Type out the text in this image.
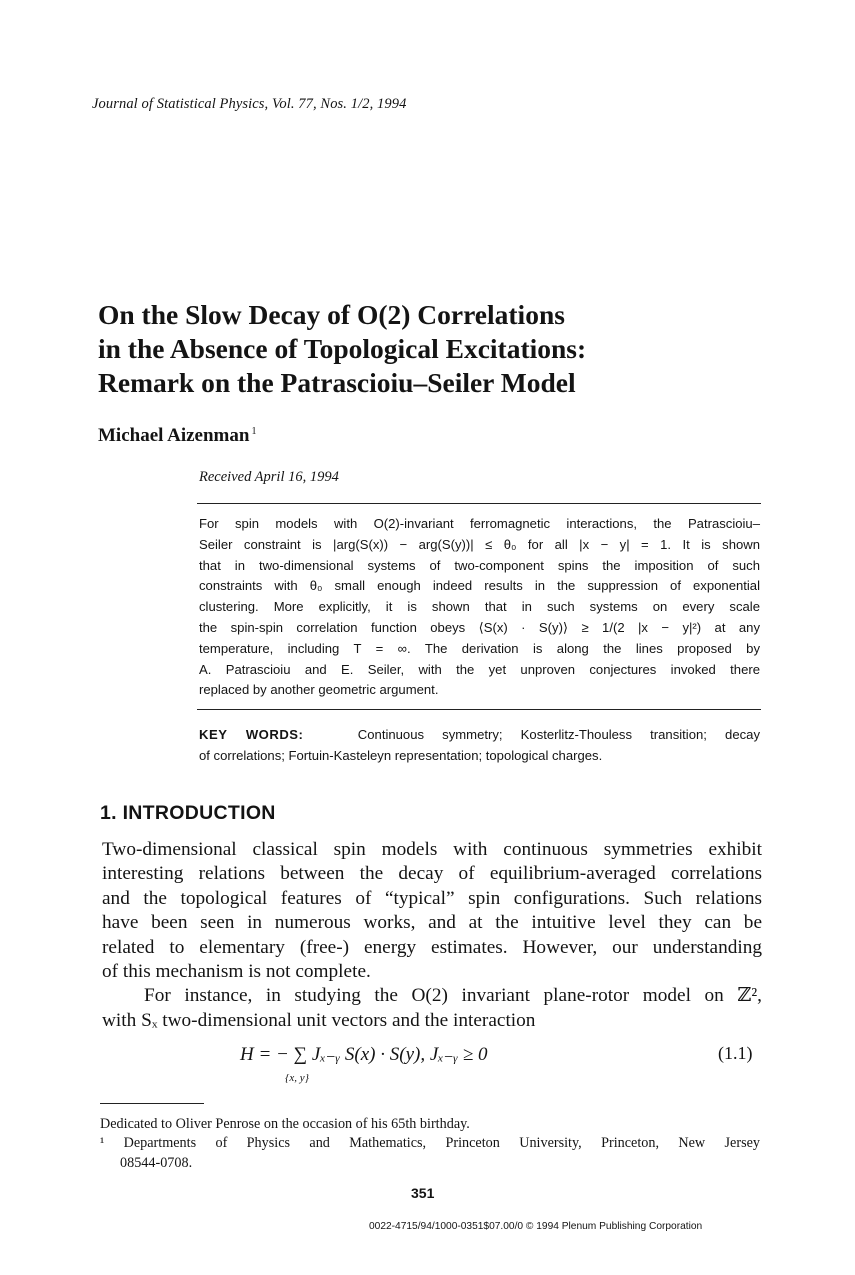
Journal of Statistical Physics, Vol. 77, Nos. 1/2, 1994
On the Slow Decay of O(2) Correlations
in the Absence of Topological Excitations:
Remark on the Patrascioiu–Seiler Model
Michael Aizenman $^1$
Received April 16, 1994
For spin models with O(2)-invariant ferromagnetic interactions, the Patrascioiu–
Seiler constraint is |arg(S(x)) − arg(S(y))| ≤ θ₀ for all |x − y| = 1. It is shown
that in two-dimensional systems of two-component spins the imposition of such
constraints with θ₀ small enough indeed results in the suppression of exponential
clustering. More explicitly, it is shown that in such systems on every scale
the spin-spin correlation function obeys ⟨S(x) · S(y)⟩ ≥ 1/(2 |x − y|²) at any
temperature, including T = ∞. The derivation is along the lines proposed by
A. Patrascioiu and E. Seiler, with the yet unproven conjectures invoked there
replaced by another geometric argument.
KEY WORDS:	Continuous symmetry; Kosterlitz-Thouless transition; decay
of correlations; Fortuin-Kasteleyn representation; topological charges.
1. INTRODUCTION
Two-dimensional classical spin models with continuous symmetries exhibit
interesting relations between the decay of equilibrium-averaged correlations
and the topological features of “typical” spin configurations. Such relations
have been seen in numerous works, and at the intuitive level they can be
related to elementary (free-) energy estimates. However, our understanding
of this mechanism is not complete.
For instance, in studying the O(2) invariant plane-rotor model on ℤ²,
with Sₓ two-dimensional unit vectors and the interaction
H = − ∑ Jₓ₋ᵧ S(x) · S(y), Jₓ₋ᵧ ≥ 0
{x, y}
(1.1)
Dedicated to Oliver Penrose on the occasion of his 65th birthday.
¹ Departments of Physics and Mathematics, Princeton University, Princeton, New Jersey
08544-0708.
351
0022-4715/94/1000-0351$07.00/0 © 1994 Plenum Publishing Corporation
